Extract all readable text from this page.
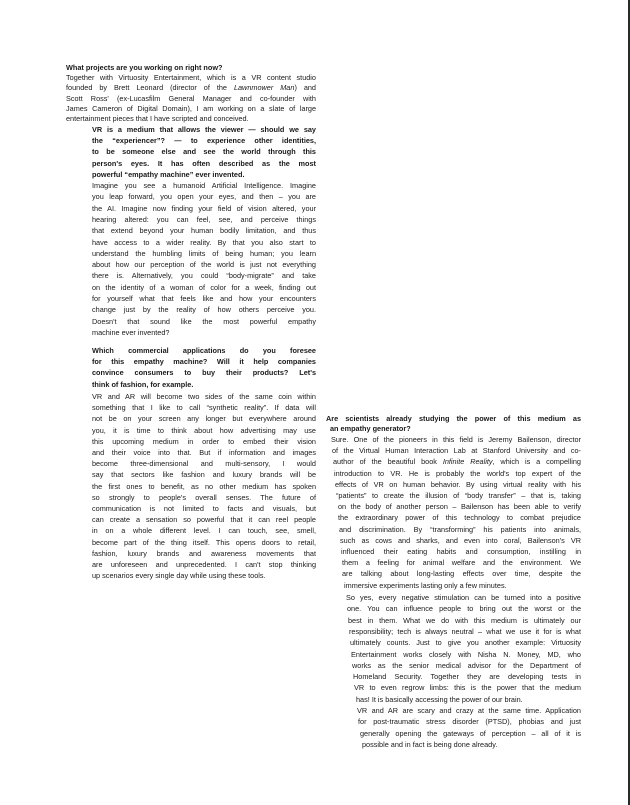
What projects are you working on right now?
Together with Virtuosity Entertainment, which is a VR content studio
founded by Brett Leonard (director of the Lawnmower Man) and
Scott Ross' (ex-Lucasfilm General Manager and co-founder with
James Cameron of Digital Domain), I am working on a slate of large
entertainment pieces that I have scripted and conceived.
VR is a medium that allows the viewer — should we say
the “experiencer”? — to experience other identities,
to be someone else and see the world through this
person's eyes. It has often described as the most
powerful “empathy machine” ever invented.
Imagine you see a humanoid Artificial Intelligence. Imagine
you leap forward, you open your eyes, and then – you are
the AI. Imagine now finding your field of vision altered, your
hearing altered: you can feel, see, and perceive things
that extend beyond your human bodily limitation, and thus
have access to a wider reality. By that you also start to
understand the humbling limits of being human; you learn
about how our perception of the world is just not everything
there is. Alternatively, you could “body-migrate” and take
on the identity of a woman of color for a week, finding out
for yourself what that feels like and how your encounters
change just by the reality of how others perceive you.
Doesn't that sound like the most powerful empathy
machine ever invented?
Which commercial applications do you foresee
for this empathy machine? Will it help companies
convince consumers to buy their products? Let's
think of fashion, for example.
VR and AR will become two sides of the same coin within
something that I like to call “synthetic reality”. If data will
not be on your screen any longer but everywhere around
you, it is time to think about how advertising may use
this upcoming medium in order to embed their vision
and their voice into that. But if information and images
become three-dimensional and multi-sensory, I would
say that sectors like fashion and luxury brands will be
the first ones to benefit, as no other medium has spoken
so strongly to people's overall senses. The future of
communication is not limited to facts and visuals, but
can create a sensation so powerful that it can reel people
in on a whole different level. I can touch, see, smell,
become part of the thing itself. This opens doors to retail,
fashion, luxury brands and awareness movements that
are unforeseen and unprecedented. I can't stop thinking
up scenarios every single day while using these tools.
Are scientists already studying the power of this medium as
an empathy generator?
Sure. One of the pioneers in this field is Jeremy Bailenson, director
of the Virtual Human Interaction Lab at Stanford University and co-
author of the beautiful book Infinite Reality, which is a compelling
introduction to VR. He is probably the world's top expert of the
effects of VR on human behavior. By using virtual reality with his
“patients” to create the illusion of “body transfer” – that is, taking
on the body of another person – Bailenson has been able to verify
the extraordinary power of this technology to combat prejudice
and discrimination. By “transforming” his patients into animals,
such as cows and sharks, and even into coral, Bailenson's VR
influenced their eating habits and consumption, instilling in
them a feeling for animal welfare and the environment. We
are talking about long-lasting effects over time, despite the
immersive experiments lasting only a few minutes.
So yes, every negative stimulation can be turned into a positive
one. You can influence people to bring out the worst or the
best in them. What we do with this medium is ultimately our
responsibility; tech is always neutral – what we use it for is what
ultimately counts. Just to give you another example: Virtuosity
Entertainment works closely with Nisha N. Money, MD, who
works as the senior medical advisor for the Department of
Homeland Security. Together they are developing tests in
VR to even regrow limbs: this is the power that the medium
has! It is basically accessing the power of our brain.
VR and AR are scary and crazy at the same time. Application
for post-traumatic stress disorder (PTSD), phobias and just
generally opening the gateways of perception – all of it is
possible and in fact is being done already.
